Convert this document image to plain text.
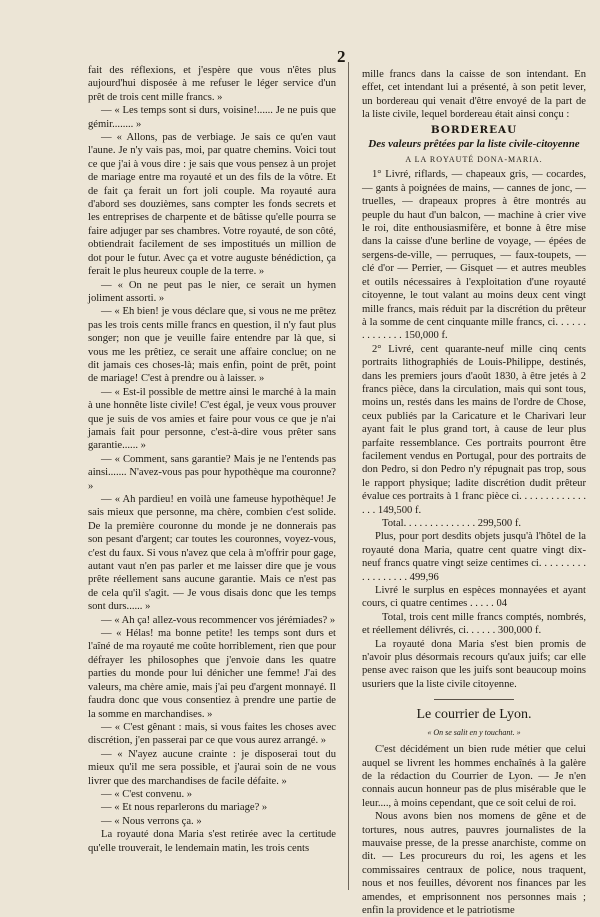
2

fait des réflexions, et j'espère que vous n'êtes plus aujourd'hui disposée à me refuser le léger service d'un prêt de trois cent mille francs. »

— « Les temps sont si durs, voisine!...... Je ne puis que gémir........ »

— « Allons, pas de verbiage. Je sais ce qu'en vaut l'aune. Je n'y vais pas, moi, par quatre chemins. Voici tout ce que j'ai à vous dire : je sais que vous pensez à un projet de mariage entre ma royauté et un des fils de la vôtre. Et de fait ça ferait un fort joli couple. Ma royauté aura d'abord ses douzièmes, sans compter les fonds secrets et les entreprises de charpente et de bâtisse qu'elle pourra se faire adjuger par ses chambres. Votre royauté, de son côté, obtiendrait facilement de ses impostitués un million de dot pour le futur. Avec ça et votre auguste bénédiction, ça ferait le plus heureux couple de la terre. »

— « On ne peut pas le nier, ce serait un hymen joliment assorti. »

— « Eh bien! je vous déclare que, si vous ne me prêtez pas les trois cents mille francs en question, il n'y faut plus songer; non que je veuille faire entendre par là que, si vous me les prêtiez, ce serait une affaire conclue; on ne dit jamais ces choses-là; mais enfin, point de prêt, point de mariage! C'est à prendre ou à laisser. »

— « Est-il possible de mettre ainsi le marché à la main à une honnête liste civile! C'est égal, je veux vous prouver que je suis de vos amies et faire pour vous ce que je n'ai jamais fait pour personne, c'est-à-dire vous prêter sans garantie...... »

— « Comment, sans garantie? Mais je ne l'entends pas ainsi....... N'avez-vous pas pour hypothèque ma couronne? »

— « Ah pardieu! en voilà une fameuse hypothèque! Je sais mieux que personne, ma chère, combien c'est solide. De la première couronne du monde je ne donnerais pas son pesant d'argent; car toutes les couronnes, voyez-vous, c'est du faux. Si vous n'avez que cela à m'offrir pour gage, autant vaut n'en pas parler et me laisser dire que je vous prête réellement sans aucune garantie. Mais ce n'est pas de cela qu'il s'agit. — Je vous disais donc que les temps sont durs...... »

— « Ah ça! allez-vous recommencer vos jérémiades? »

— « Hélas! ma bonne petite! les temps sont durs et l'aîné de ma royauté me coûte horriblement, rien que pour défrayer les philosophes que j'envoie dans les quatre parties du monde pour lui dénicher une femme! J'ai des valeurs, ma chère amie, mais j'ai peu d'argent monnayé. Il faudra donc que vous consentiez à prendre une partie de la somme en marchandises. »

— « C'est gênant : mais, si vous faites les choses avec discrétion, j'en passerai par ce que vous aurez arrangé. »

— « N'ayez aucune crainte : je disposerai tout du mieux qu'il me sera possible, et j'aurai soin de ne vous livrer que des marchandises de facile défaite. »

— « C'est convenu. »

— « Et nous reparlerons du mariage? »

— « Nous verrons ça. »

La royauté dona Maria s'est retirée avec la certitude qu'elle trouverait, le lendemain matin, les trois cents

mille francs dans la caisse de son intendant. En effet, cet intendant lui a présenté, à son petit lever, un bordereau qui venait d'être envoyé de la part de la liste civile, lequel bordereau était ainsi conçu :

BORDEREAU
Des valeurs prêtées par la liste civile-citoyenne
A LA ROYAUTÉ DONA-MARIA.

1° Livré, riflards, — chapeaux gris, — cocardes, — gants à poignées de mains, — cannes de jonc, — truelles, — drapeaux propres à être montrés au peuple du haut d'un balcon, — machine à crier vive le roi, dite enthousiasmifère, et bonne à être mise dans la caisse d'une berline de voyage, — épées de sergens-de-ville, — perruques, — faux-toupets, — clé d'or — Perrier, — Gisquet — et autres meubles et outils nécessaires à l'exploitation d'une royauté citoyenne, le tout valant au moins deux cent vingt mille francs, mais réduit par la discrétion du prêteur à la somme de cent cinquante mille francs, ci. . . . . . . . . . . . . . 150,000 f.

2° Livré, cent quarante-neuf mille cinq cents portraits lithographiés de Louis-Philippe, destinés, dans les premiers jours d'août 1830, à être jetés à 2 francs pièce, dans la circulation, mais qui sont tous, moins un, restés dans les mains de l'ordre de Chose, ceux publiés par la Caricature et le Charivari leur ayant fait le plus grand tort, à cause de leur plus parfaite ressemblance. Ces portraits pourront être facilement vendus en Portugal, pour des portraits de don Pedro, si don Pedro n'y répugnait pas trop, sous le rapport physique; ladite discrétion dudit prêteur évalue ces portraits à 1 franc pièce ci. . . . . . . . . . . . . . . . 149,500 f.

Total. . . . . . . . . . . . . . 299,500 f.

Plus, pour port desdits objets jusqu'à l'hôtel de la royauté dona Maria, quatre cent quatre vingt dix-neuf francs quatre vingt seize centimes ci. . . . . . . . . . . . . . . . . . 499,96

Livré le surplus en espèces monnayées et ayant cours, ci quatre centimes . . . . . 04

Total, trois cent mille francs comptés, nombrés, et réellement délivrés, ci. . . . . . 300,000 f.

La royauté dona Maria s'est bien promis de n'avoir plus désormais recours qu'aux juifs; car elle pense avec raison que les juifs sont beaucoup moins usuriers que la liste civile citoyenne.

Le courrier de Lyon.
« On se salit en y touchant. »

C'est décidément un bien rude métier que celui auquel se livrent les hommes enchaînés à la galère de la rédaction du Courrier de Lyon. — Je n'en connais aucun honneur pas de plus misérable que le leur...., à moins cependant, que ce soit celui de roi.

Nous avons bien nos momens de gêne et de tortures, nous autres, pauvres journalistes de la mauvaise presse, de la presse anarchiste, comme on dit. — Les procureurs du roi, les agens et les commissaires centraux de police, nous traquent, nous et nos feuilles, dévorent nos finances par les amendes, et emprisonnent nos personnes mais ; enfin la providence et le patriotisme
